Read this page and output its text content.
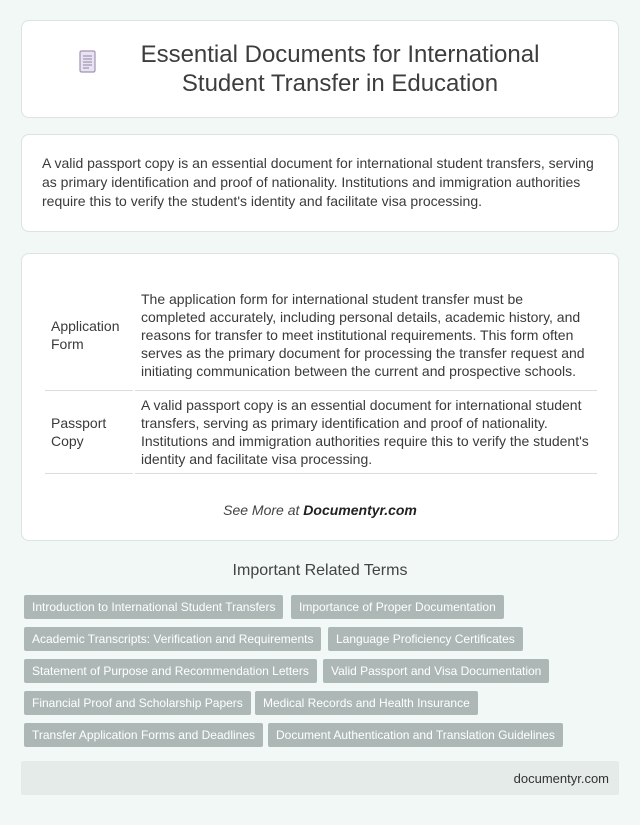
Essential Documents for International Student Transfer in Education

A valid passport copy is an essential document for international student transfers, serving as primary identification and proof of nationality. Institutions and immigration authorities require this to verify the student's identity and facilitate visa processing.

Application Form	The application form for international student transfer must be completed accurately, including personal details, academic history, and reasons for transfer to meet institutional requirements. This form often serves as the primary document for processing the transfer request and initiating communication between the current and prospective schools.
Passport Copy	A valid passport copy is an essential document for international student transfers, serving as primary identification and proof of nationality. Institutions and immigration authorities require this to verify the student's identity and facilitate visa processing.
See More at Documentyr.com
Important Related Terms
Introduction to International Student Transfers	Importance of Proper Documentation
Academic Transcripts: Verification and Requirements	Language Proficiency Certificates
Statement of Purpose and Recommendation Letters	Valid Passport and Visa Documentation
Financial Proof and Scholarship Papers	Medical Records and Health Insurance
Transfer Application Forms and Deadlines	Document Authentication and Translation Guidelines
documentyr.com
